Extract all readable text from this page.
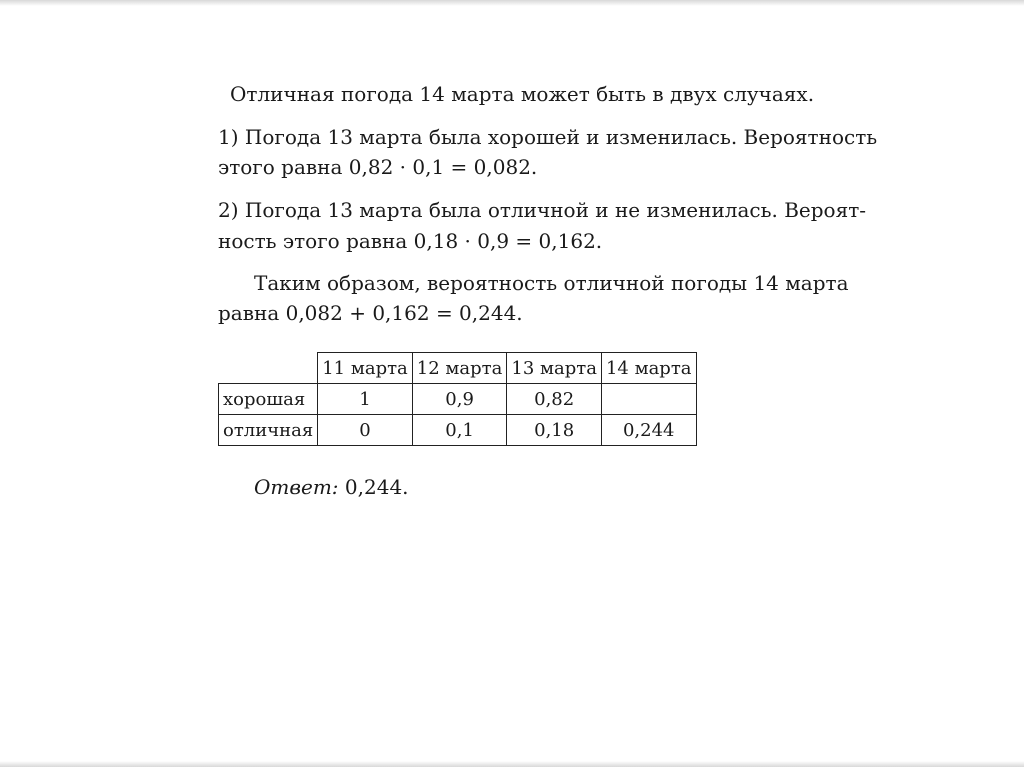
Отличная погода 14 марта может быть в двух случаях.
1) Погода 13 марта была хорошей и изменилась. Вероятность
этого равна 0,82 · 0,1 = 0,082.
2) Погода 13 марта была отличной и не изменилась. Вероят-
ность этого равна 0,18 · 0,9 = 0,162.
Таким образом, вероятность отличной погоды 14 марта
равна 0,082 + 0,162 = 0,244.
	11 марта	12 марта	13 марта	14 марта
хорошая	1	0,9	0,82	
отличная	0	0,1	0,18	0,244
Ответ: 0,244.
